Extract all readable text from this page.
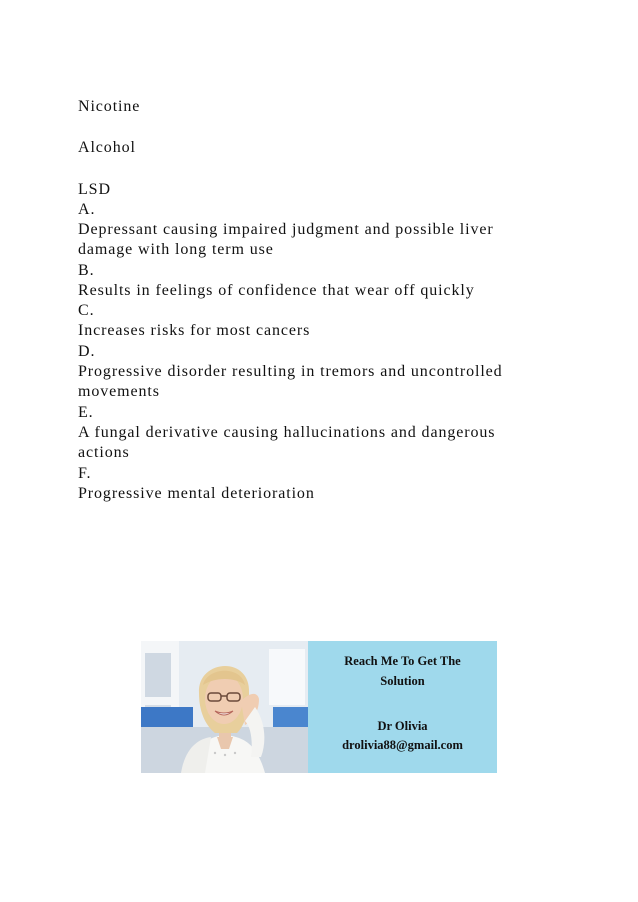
Nicotine
Alcohol
LSD
A.
Depressant causing impaired judgment and possible liver damage with long term use
B.
Results in feelings of confidence that wear off quickly
C.
Increases risks for most cancers
D.
Progressive disorder resulting in tremors and uncontrolled movements
E.
A fungal derivative causing hallucinations and dangerous actions
F.
Progressive mental deterioration
Reach Me To Get The
Solution
Dr Olivia
drolivia88@gmail.com
